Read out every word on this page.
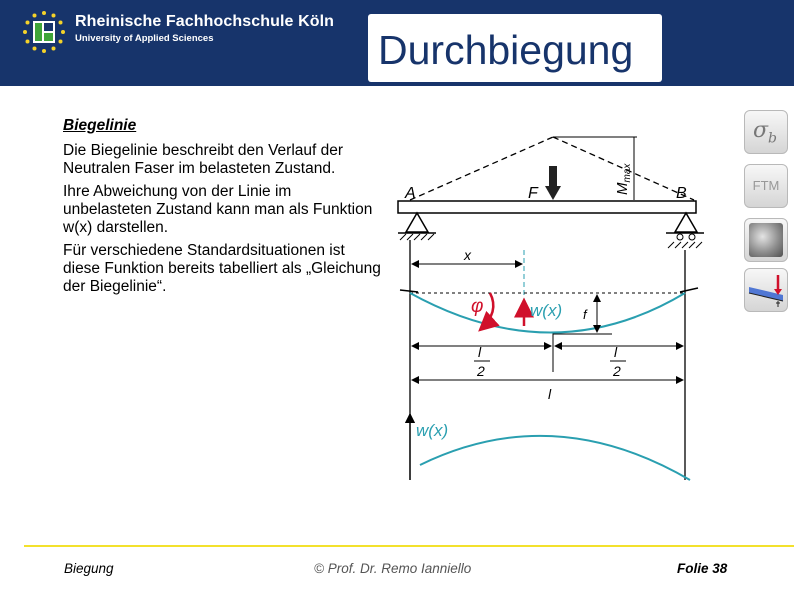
Rheinische Fachhochschule Köln
University of Applied Sciences	Durchbiegung
Biegelinie
Die Biegelinie beschreibt den Verlauf der Neutralen Faser im belasteten Zustand.
Ihre Abweichung von der Linie im unbelasteten Zustand kann man als Funktion w(x) darstellen.
Für verschiedene Standardsituationen ist diese Funktion bereits tabelliert als „Gleichung der Biegelinie“.
A	F	B
$M_{max}$
x
φ	w(x) f
l
2
l
2
l
w(x)
$\sigma_b$
FTM
Biegung	© Prof. Dr. Remo Ianniello	Folie 38
